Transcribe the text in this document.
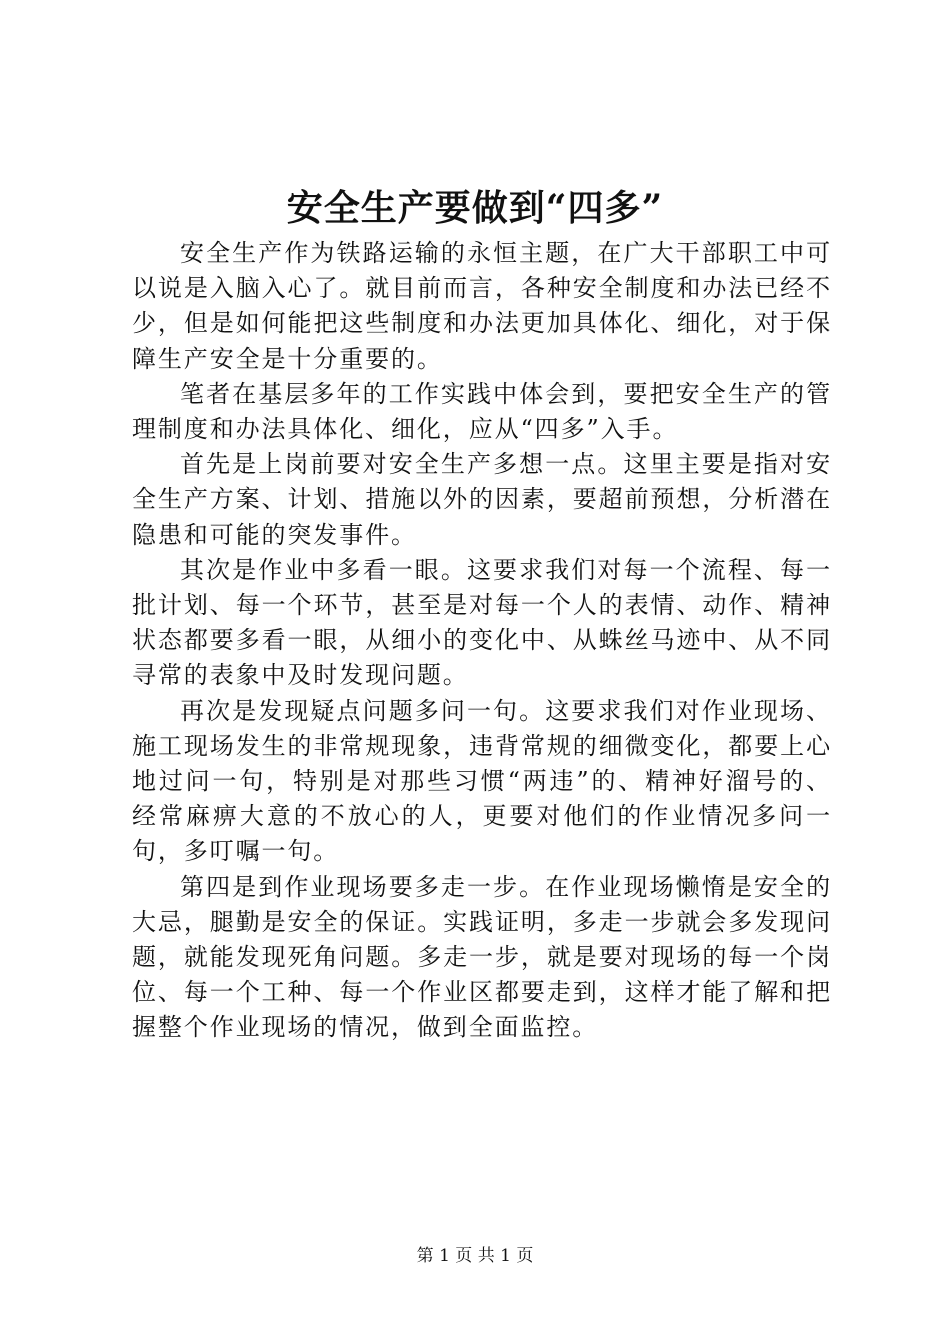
安全生产要做到“四多”

安全生产作为铁路运输的永恒主题，在广大干部职工中可以说是入脑入心了。就目前而言，各种安全制度和办法已经不少，但是如何能把这些制度和办法更加具体化、细化，对于保障生产安全是十分重要的。

笔者在基层多年的工作实践中体会到，要把安全生产的管理制度和办法具体化、细化，应从“四多”入手。

首先是上岗前要对安全生产多想一点。这里主要是指对安全生产方案、计划、措施以外的因素，要超前预想，分析潜在隐患和可能的突发事件。

其次是作业中多看一眼。这要求我们对每一个流程、每一批计划、每一个环节，甚至是对每一个人的表情、动作、精神状态都要多看一眼，从细小的变化中、从蛛丝马迹中、从不同寻常的表象中及时发现问题。

再次是发现疑点问题多问一句。这要求我们对作业现场、施工现场发生的非常规现象，违背常规的细微变化，都要上心地过问一句，特别是对那些习惯“两违”的、精神好溜号的、经常麻痹大意的不放心的人，更要对他们的作业情况多问一句，多叮嘱一句。

第四是到作业现场要多走一步。在作业现场懒惰是安全的大忌，腿勤是安全的保证。实践证明，多走一步就会多发现问题，就能发现死角问题。多走一步，就是要对现场的每一个岗位、每一个工种、每一个作业区都要走到，这样才能了解和把握整个作业现场的情况，做到全面监控。

第 1 页 共 1 页
